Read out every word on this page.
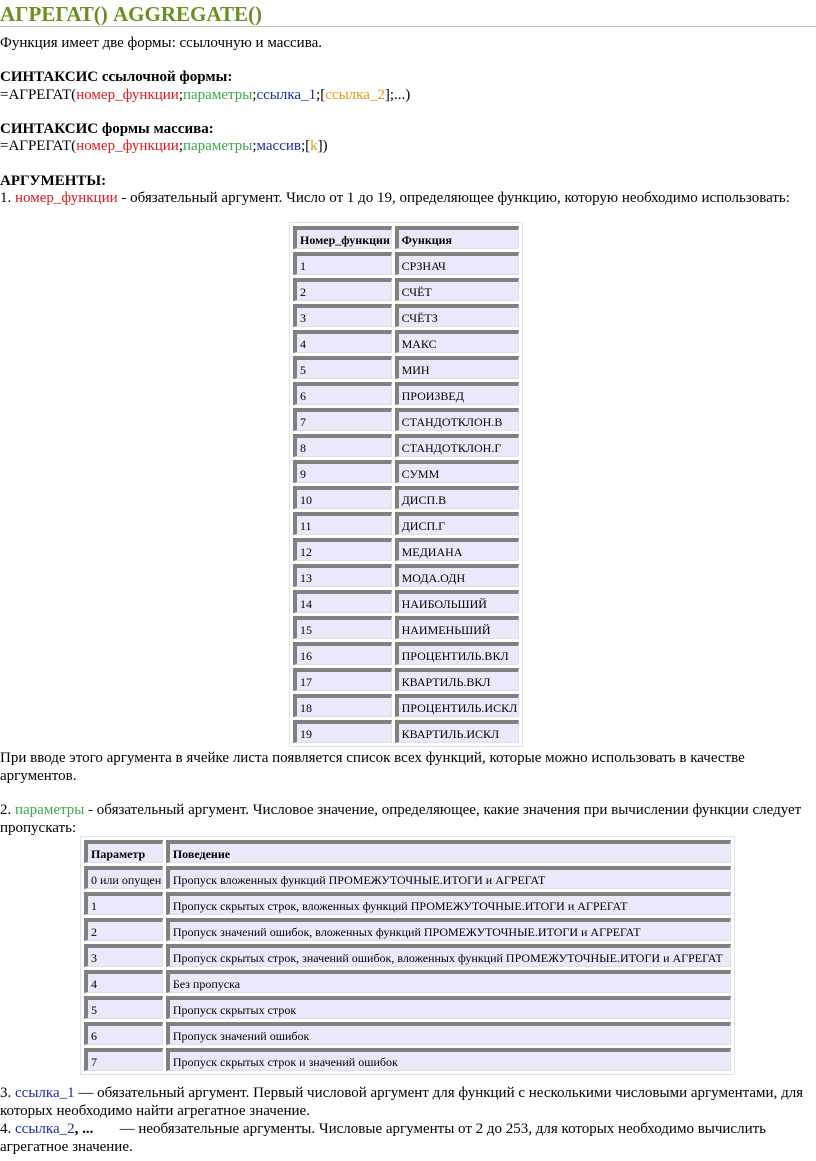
АГРЕГАТ() AGGREGATE()
Функция имеет две формы: ссылочную и массива.
СИНТАКСИС ссылочной формы:
=АГРЕГАТ(номер_функции;параметры;ссылка_1;[ссылка_2];...)
СИНТАКСИС формы массива:
=АГРЕГАТ(номер_функции;параметры;массив;[k])
АРГУМЕНТЫ:
1. номер_функции - обязательный аргумент. Число от 1 до 19, определяющее функцию, которую необходимо использовать:
Номер_функции	Функция
1	СРЗНАЧ
2	СЧЁТ
3	СЧЁТЗ
4	МАКС
5	МИН
6	ПРОИЗВЕД
7	СТАНДОТКЛОН.В
8	СТАНДОТКЛОН.Г
9	СУММ
10	ДИСП.В
11	ДИСП.Г
12	МЕДИАНА
13	МОДА.ОДН
14	НАИБОЛЬШИЙ
15	НАИМЕНЬШИЙ
16	ПРОЦЕНТИЛЬ.ВКЛ
17	КВАРТИЛЬ.ВКЛ
18	ПРОЦЕНТИЛЬ.ИСКЛ
19	КВАРТИЛЬ.ИСКЛ
При вводе этого аргумента в ячейке листа появляется список всех функций, которые можно использовать в качестве
аргументов.
2. параметры - обязательный аргумент. Числовое значение, определяющее, какие значения при вычислении функции следует
пропускать:
Параметр	Поведение
0 или опущен	Пропуск вложенных функций ПРОМЕЖУТОЧНЫЕ.ИТОГИ и АГРЕГАТ
1	Пропуск скрытых строк, вложенных функций ПРОМЕЖУТОЧНЫЕ.ИТОГИ и АГРЕГАТ
2	Пропуск значений ошибок, вложенных функций ПРОМЕЖУТОЧНЫЕ.ИТОГИ и АГРЕГАТ
3	Пропуск скрытых строк, значений ошибок, вложенных функций ПРОМЕЖУТОЧНЫЕ.ИТОГИ и АГРЕГАТ
4	Без пропуска
5	Пропуск скрытых строк
6	Пропуск значений ошибок
7	Пропуск скрытых строк и значений ошибок
3. ссылка_1 — обязательный аргумент. Первый числовой аргумент для функций с несколькими числовыми аргументами, для
которых необходимо найти агрегатное значение.
4. ссылка_2, ...       — необязательные аргументы. Числовые аргументы от 2 до 253, для которых необходимо вычислить
агрегатное значение.
